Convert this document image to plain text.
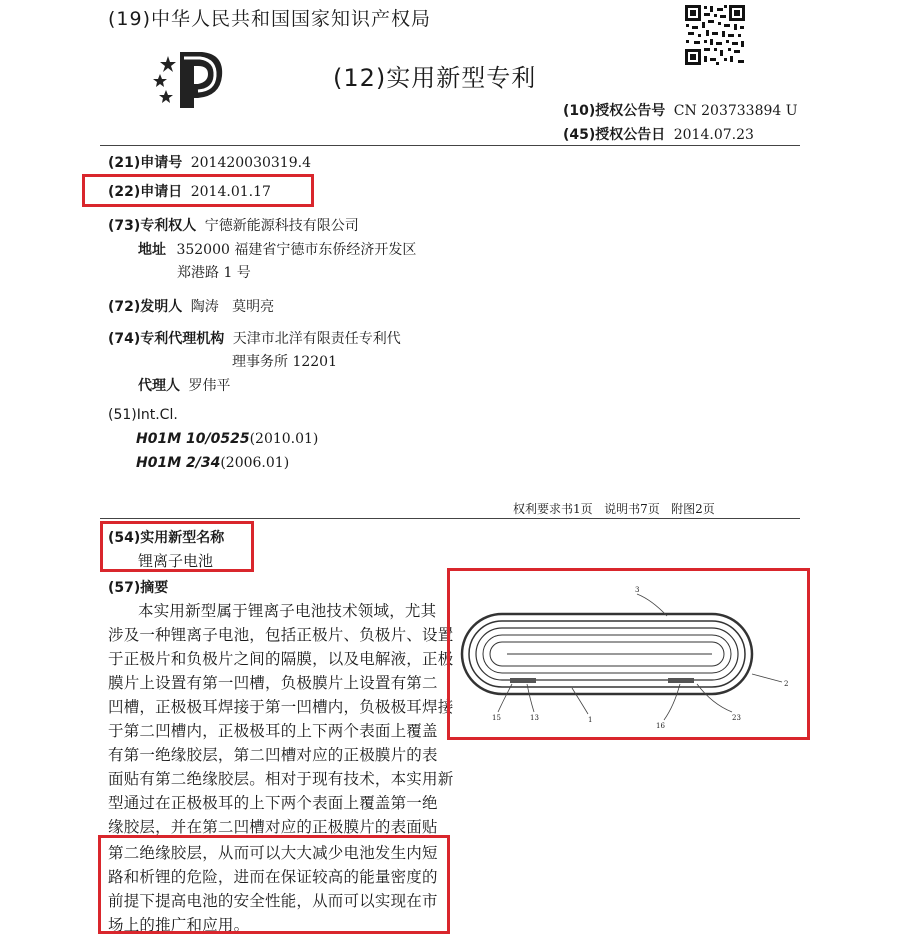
(19)中华人民共和国国家知识产权局
(12)实用新型专利
(10)授权公告号 CN 203733894 U
(45)授权公告日 2014.07.23
(21)申请号 201420030319.4
(22)申请日 2014.01.17
(73)专利权人 宁德新能源科技有限公司
地址 352000 福建省宁德市东侨经济开发区
郑港路 1 号
(72)发明人 陶涛   莫明亮
(74)专利代理机构 天津市北洋有限责任专利代
理事务所 12201
代理人 罗伟平
(51)Int.Cl.
H01M 10/0525(2010.01)
H01M 2/34(2006.01)
权利要求书1页   说明书7页   附图2页
(54)实用新型名称
锂离子电池
(57)摘要
本实用新型属于锂离子电池技术领域，尤其
涉及一种锂离子电池，包括正极片、负极片、设置
于正极片和负极片之间的隔膜，以及电解液，正极
膜片上设置有第一凹槽，负极膜片上设置有第二
凹槽，正极极耳焊接于第一凹槽内，负极极耳焊接
于第二凹槽内，正极极耳的上下两个表面上覆盖
有第一绝缘胶层，第二凹槽对应的正极膜片的表
面贴有第二绝缘胶层。相对于现有技术，本实用新
型通过在正极极耳的上下两个表面上覆盖第一绝
缘胶层，并在第二凹槽对应的正极膜片的表面贴
第二绝缘胶层，从而可以大大减少电池发生内短
路和析锂的危险，进而在保证较高的能量密度的
前提下提高电池的安全性能，从而可以实现在市
场上的推广和应用。
3
2
15	13	1
16
23
